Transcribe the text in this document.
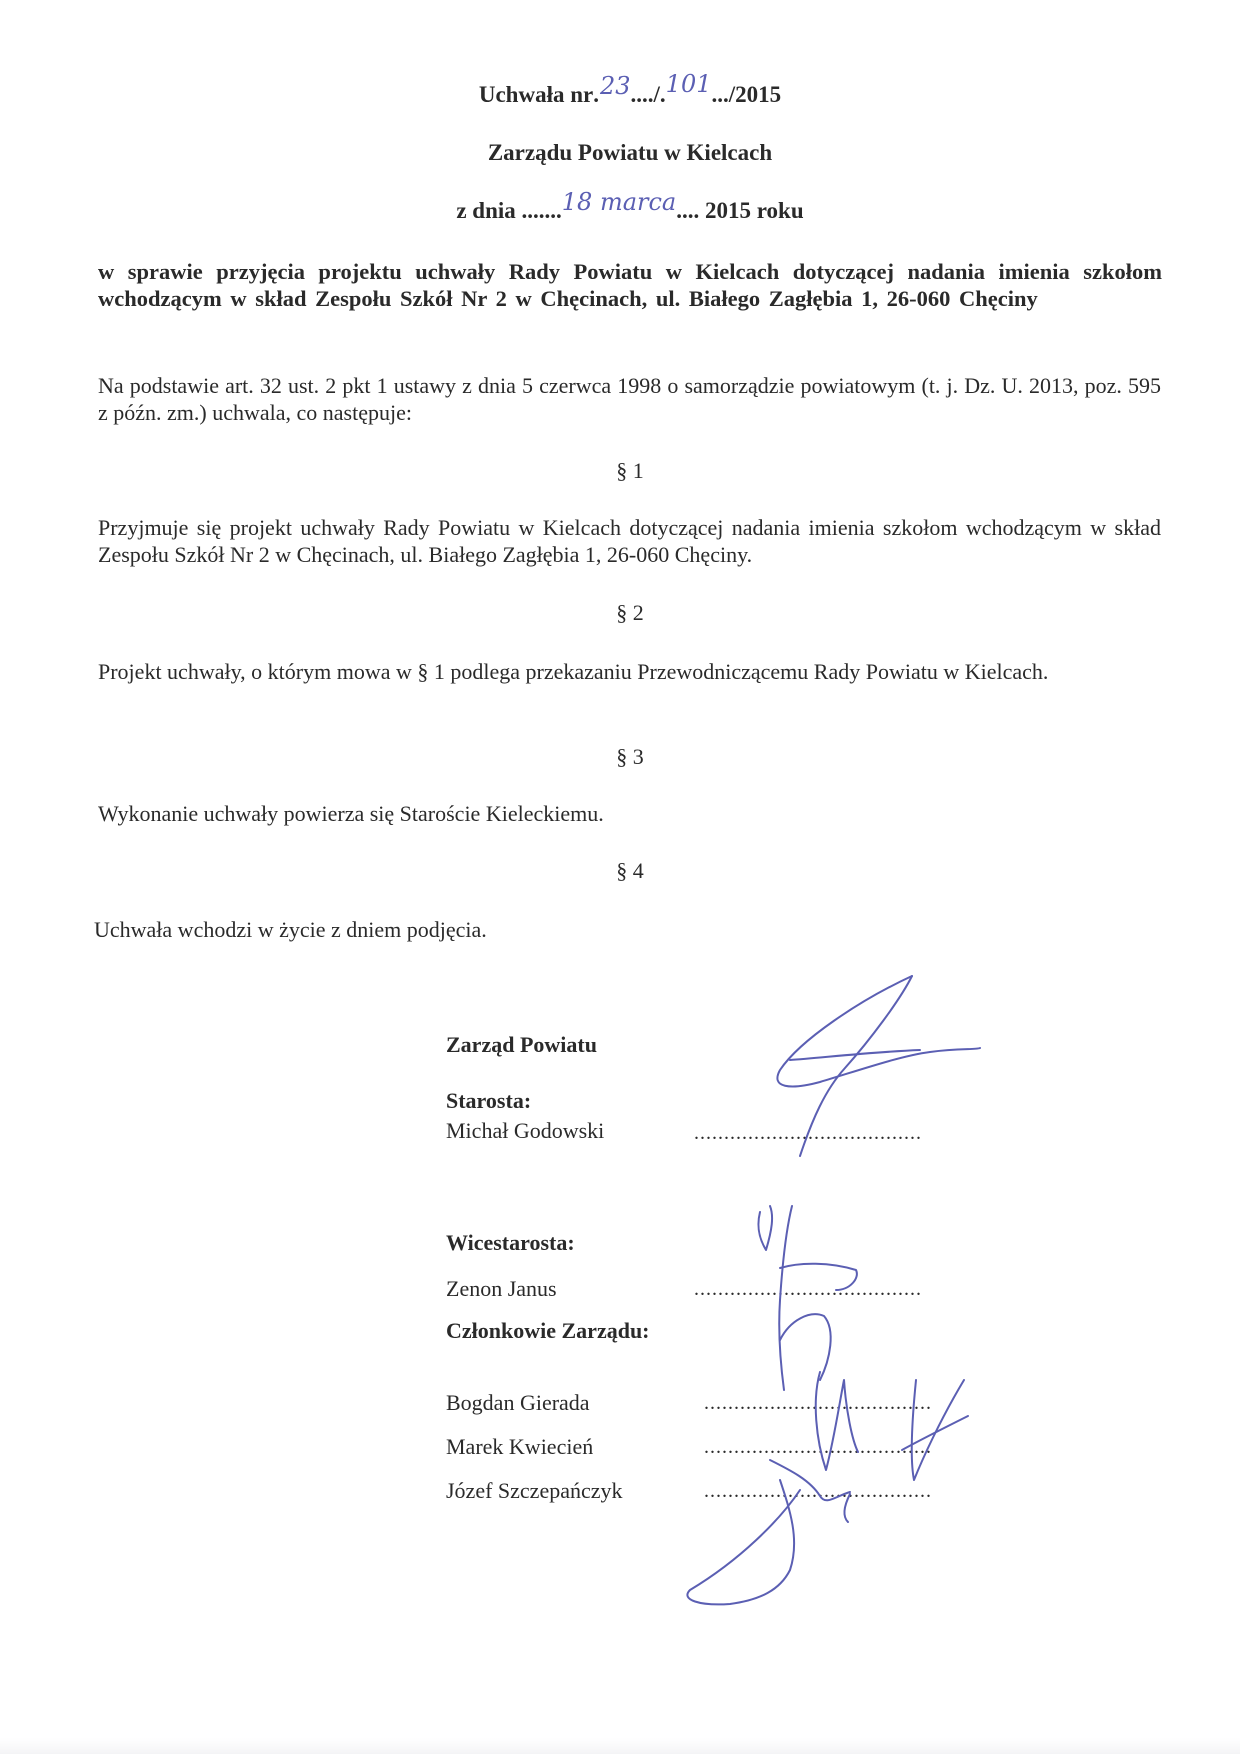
Uchwała nr.23..../.101.../2015
Zarządu Powiatu w Kielcach
z dnia .......18 marca.... 2015 roku
w sprawie przyjęcia projektu uchwały Rady Powiatu w Kielcach dotyczącej nadania imienia szkołom wchodzącym w skład Zespołu Szkół Nr 2 w Chęcinach, ul. Białego Zagłębia 1, 26-060 Chęciny
Na podstawie art. 32 ust. 2 pkt 1 ustawy z dnia 5 czerwca 1998 o samorządzie powiatowym (t. j. Dz. U. 2013, poz. 595 z późn. zm.) uchwala, co następuje:
§ 1
Przyjmuje się projekt uchwały Rady Powiatu w Kielcach dotyczącej nadania imienia szkołom wchodzącym w skład Zespołu Szkół Nr 2 w Chęcinach, ul. Białego Zagłębia 1, 26-060 Chęciny.
§ 2
Projekt uchwały, o którym mowa w § 1 podlega przekazaniu Przewodniczącemu Rady Powiatu w Kielcach.
§ 3
Wykonanie uchwały powierza się Staroście Kieleckiemu.
§ 4
Uchwała wchodzi w życie z dniem podjęcia.
Zarząd Powiatu
Starosta:
Michał Godowski	......................................
Wicestarosta:
Zenon Janus	......................................
Członkowie Zarządu:
Bogdan Gierada	......................................
Marek Kwiecień	......................................
Józef Szczepańczyk	......................................
